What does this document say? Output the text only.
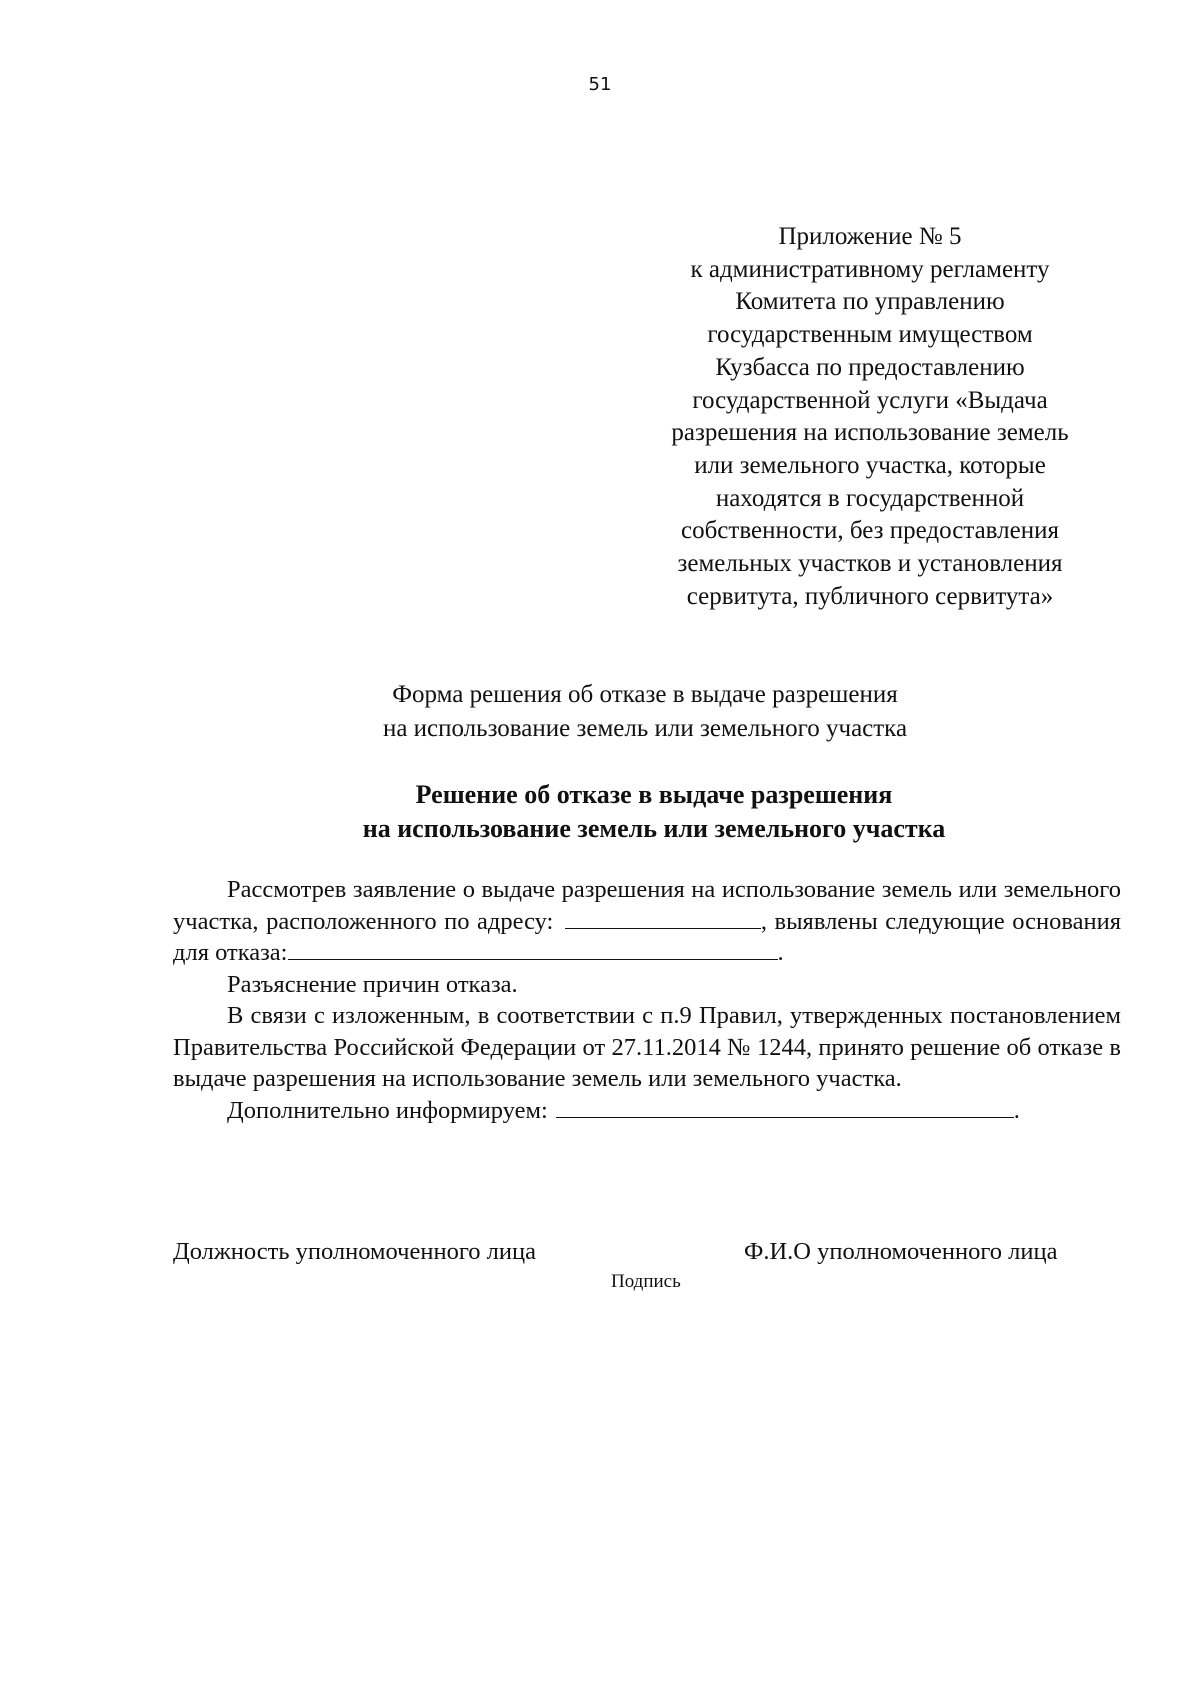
51
Приложение № 5
к административному регламенту
Комитета по управлению
государственным имуществом
Кузбасса по предоставлению
государственной услуги «Выдача
разрешения на использование земель
или земельного участка, которые
находятся в государственной
собственности, без предоставления
земельных участков и установления
сервитута, публичного сервитута»
Форма решения об отказе в выдаче разрешения
на использование земель или земельного участка
Решение об отказе в выдаче разрешения
на использование земель или земельного участка

Рассмотрев заявление о выдаче разрешения на использование земель или земельного участка, расположенного по адресу:	, выявлены следующие основания для отказа:	.

Разъяснение причин отказа.

В связи с изложенным, в соответствии с п.9 Правил, утвержденных постановлением Правительства Российской Федерации от 27.11.2014 № 1244, принято решение об отказе в выдаче разрешения на использование земель или земельного участка.

Дополнительно информируем:	.

Должность уполномоченного лица	Ф.И.О уполномоченного лица
Подпись
